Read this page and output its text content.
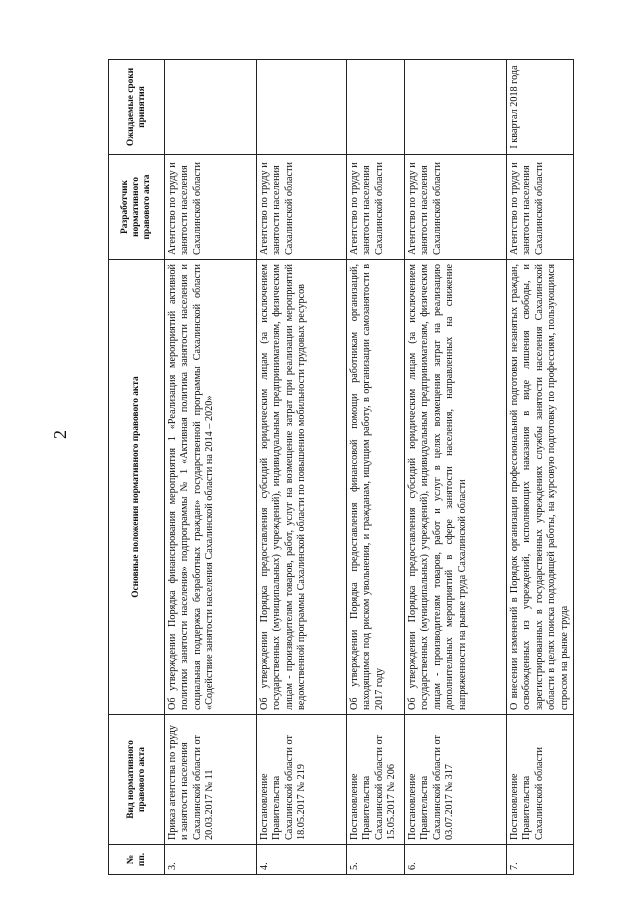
2
№ пп.	Вид нормативного правового акта	Основные положения нормативного правового акта	Разработчик нормативного правового акта	Ожидаемые сроки принятия
3.	Приказ агентства по труду и занятости населения Сахалинской области от 20.03.2017 № 11	Об утверждении Порядка финансирования мероприятия 1 «Реализация мероприятий активной политики занятости населения» подпрограммы № 1 «Активная политика занятости населения и социальная поддержка безработных граждан» государственной программы Сахалинской области «Содействие занятости населения Сахалинской области на 2014 – 2020»	Агентство по труду и занятости населения Сахалинской области	
4.	Постановление Правительства Сахалинской области от 18.05.2017 № 219	Об утверждении Порядка предоставления субсидий юридическим лицам (за исключением государственных (муниципальных) учреждений), индивидуальным предпринимателям, физическим лицам - производителям товаров, работ, услуг на возмещение затрат при реализации мероприятий ведомственной программы Сахалинской области по повышению мобильности трудовых ресурсов	Агентство по труду и занятости населения Сахалинской области	
5.	Постановление Правительства Сахалинской области от 15.05.2017 № 206	Об утверждении Порядка предоставления финансовой помощи работникам организаций, находящимся под риском увольнения, и гражданам, ищущим работу, в организации самозанятости в 2017 году	Агентство по труду и занятости населения Сахалинской области	
6.	Постановление Правительства Сахалинской области от 03.07.2017 № 317	Об утверждении Порядка предоставления субсидий юридическим лицам (за исключением государственных (муниципальных) учреждений), индивидуальным предпринимателям, физическим лицам - производителям товаров, работ и услуг в целях возмещения затрат на реализацию дополнительных мероприятий в сфере занятости населения, направленных на снижение напряженности на рынке труда Сахалинской области	Агентство по труду и занятости населения Сахалинской области	
7.	Постановление Правительства Сахалинской области	О внесении изменений в Порядок организации профессиональной подготовки незанятых граждан, освобожденных из учреждений, исполняющих наказания в виде лишения свободы, и зарегистрированных в государственных учреждениях службы занятости населения Сахалинской области в целях поиска подходящей работы, на курсовую подготовку по профессиям, пользующимся спросом на рынке труда	Агентство по труду и занятости населения Сахалинской области	I квартал 2018 года
